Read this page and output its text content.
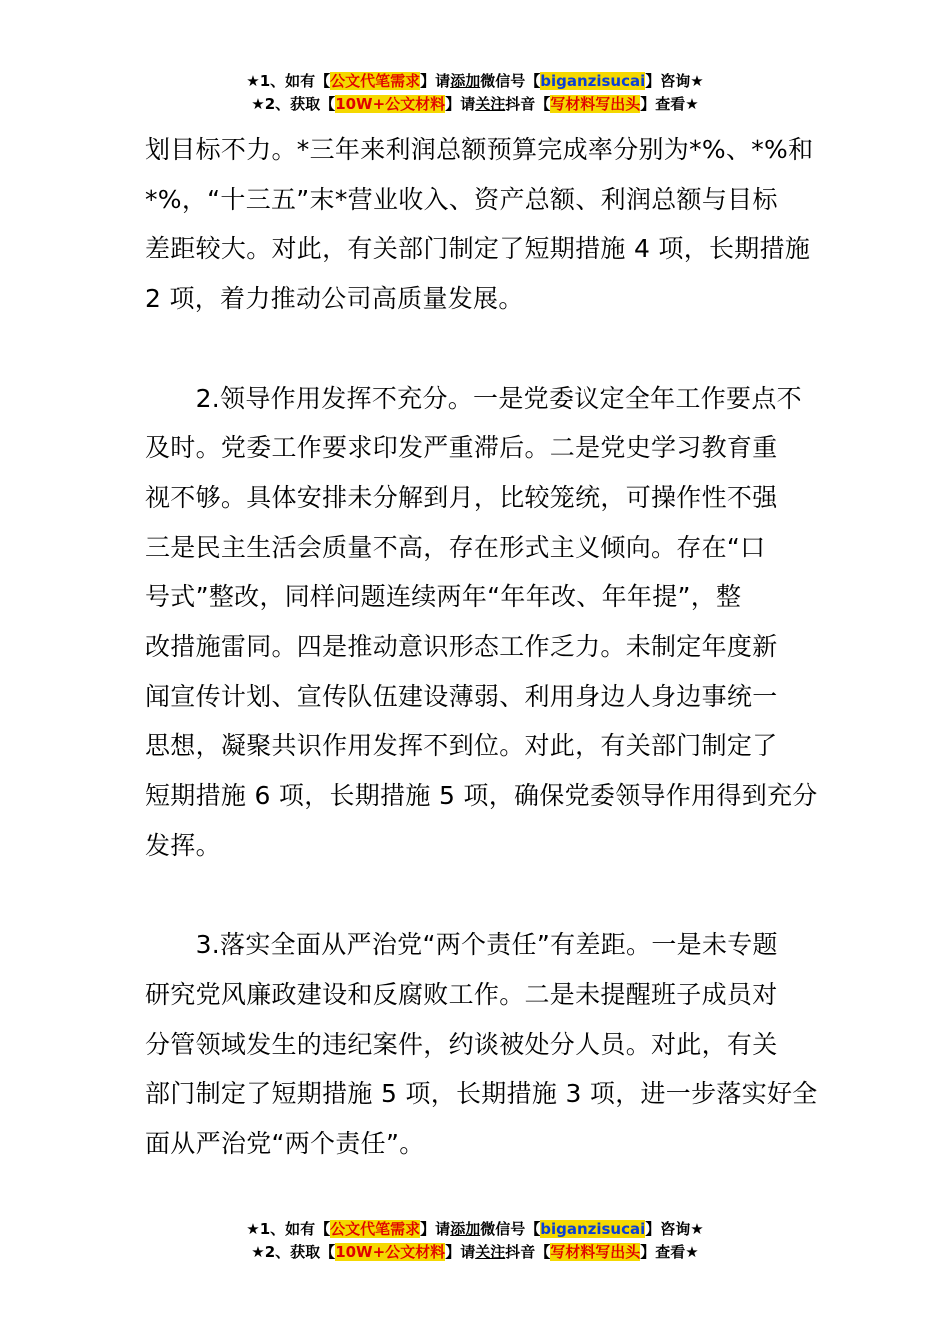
★1、如有【公文代笔需求】请添加微信号【biganzisucai】咨询★
★2、获取【10W+公文材料】请关注抖音【写材料写出头】查看★
划目标不力。*三年来利润总额预算完成率分别为*%、*%和
*%，“十三五”末*营业收入、资产总额、利润总额与目标
差距较大。对此，有关部门制定了短期措施 4 项，长期措施
2 项，着力推动公司高质量发展。
　　2.领导作用发挥不充分。一是党委议定全年工作要点不
及时。党委工作要求印发严重滞后。二是党史学习教育重
视不够。具体安排未分解到月，比较笼统，可操作性不强
三是民主生活会质量不高，存在形式主义倾向。存在“口
号式”整改，同样问题连续两年“年年改、年年提”，整
改措施雷同。四是推动意识形态工作乏力。未制定年度新
闻宣传计划、宣传队伍建设薄弱、利用身边人身边事统一
思想，凝聚共识作用发挥不到位。对此，有关部门制定了
短期措施 6 项，长期措施 5 项，确保党委领导作用得到充分
发挥。
　　3.落实全面从严治党“两个责任”有差距。一是未专题
研究党风廉政建设和反腐败工作。二是未提醒班子成员对
分管领域发生的违纪案件，约谈被处分人员。对此，有关
部门制定了短期措施 5 项，长期措施 3 项，进一步落实好全
面从严治党“两个责任”。
★1、如有【公文代笔需求】请添加微信号【biganzisucai】咨询★
★2、获取【10W+公文材料】请关注抖音【写材料写出头】查看★
